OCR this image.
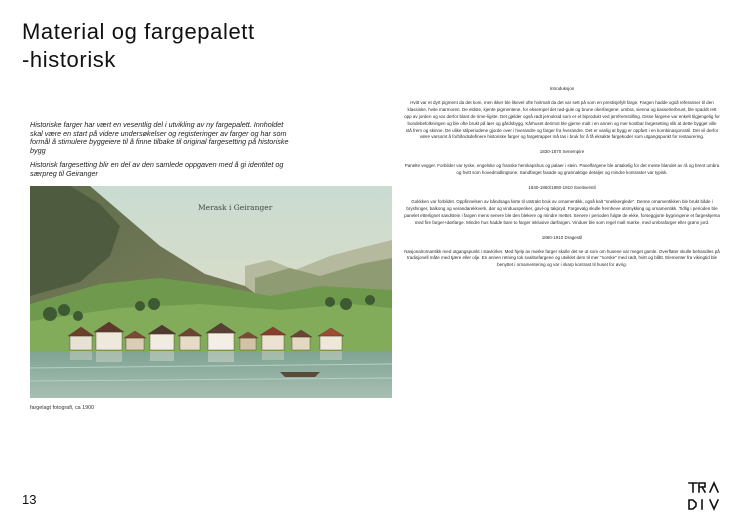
Material og fargepalett
-historisk

Historiske farger har vært en vesentlig del i utvikling av ny fargepalett. Innholdet skal være en start på videre undersøkelser og registeringer av farger og har som formål å stimulere byggeiere til å finne tilbake til original fargesetting på historiske bygg

Historisk fargesetting blir en del av den samlede oppgaven med å gi identitet og særpreg til Geiranger

Merask i Geiranger
fargelagt fotografi, ca 1900
Introduksjon

Hvitt var et dyrt pigment da det kom, men ikker ble likevel ofte hvitmalt da det var sett på som en prestisjefylt farge. Fargen hadde også referanser til den klassiske, hvite marmoren. De eldste, kjente pigmentene, for eksempel det rød-gule og brune okerfargene: umbra, sienna og kasserlerbrunt, ble spaddt rett opp av jorden og var derfor blant de rime-ligste. Det gjelder også rødt jernoksid som er et biprodukt ved jernfremstilling. Disse fargene var enkelt tilgjengelig for bondebefolkningen og ble ofte brukt på løer og gårdsbygg. Kårhuset derimot ble gjerne malt i en annen og mer kostbar fargesetting slik at dette bygget ville stå frem og skinne. De ulike stilperiodene gjorde over i hverandre og farger fra hverandre. Det er vanlig at bygg er oppført i en kombinasjonsstil. Det vil derfor være varsomt å forhåndsdefinere historiske farger og fargetrapper må tas i bruk for å få eksakte fargekoder som utgangspunkt for restaurering.

1830-1870 Senempire

Panelte vegger. Forbilder var tyske, engelske og franske herskapshus og palaer i stein. Panelfargene ble antakelig for det meste blandet av rå og brent umbra og hvitt som hovedmidlingtone. Sandfarget fasade og grønnaktige detaljer og mindre kontraster var typisk.

1840-1860/1880-1910 Sveitserstil

Gokkken var forbildet. Oppfinnelsen av båndsaga førte til utstrakt bruk av ornamentikk, også kalt "snekkerglede". Denne ornamentikken ble brukt både i bryshinger, balkong og verandarekkverk, dør og vinduusperiker, gavl-og takpryd. Fargevalg skulle fremheve utsmykking og ornamentikk. Tidlig i perioden ble panelet etterlignet sandstein i fargen mens senere ble den blekere og mindre mettet. Senere i perioden fulgte de ekke, forseggjorte bygningene et fargeskjema med fire farger+dørfarge. Mindre hus hadde bare to farger inklusive dørfargen. Vinduer ble som regel mall mørke, med umbrafarger eller grønn jord.

1860-1910 Dragestil

Nasjonalromantikk med utgangspunkt i stavkirker. Med hjelp av mørke farger skulle det se ut som om husene var meget gamle. Overflater skulle behandles på tradisjonell måte med tjære eller olje. En annen retning tok svaltsefargene og utviklet dem til mer "norske" med rødt, hvitt og blått. Elementer fra vikingtid ble benyttet i ornamentering og var i skarp kontrast til huset for øvrig.

13
